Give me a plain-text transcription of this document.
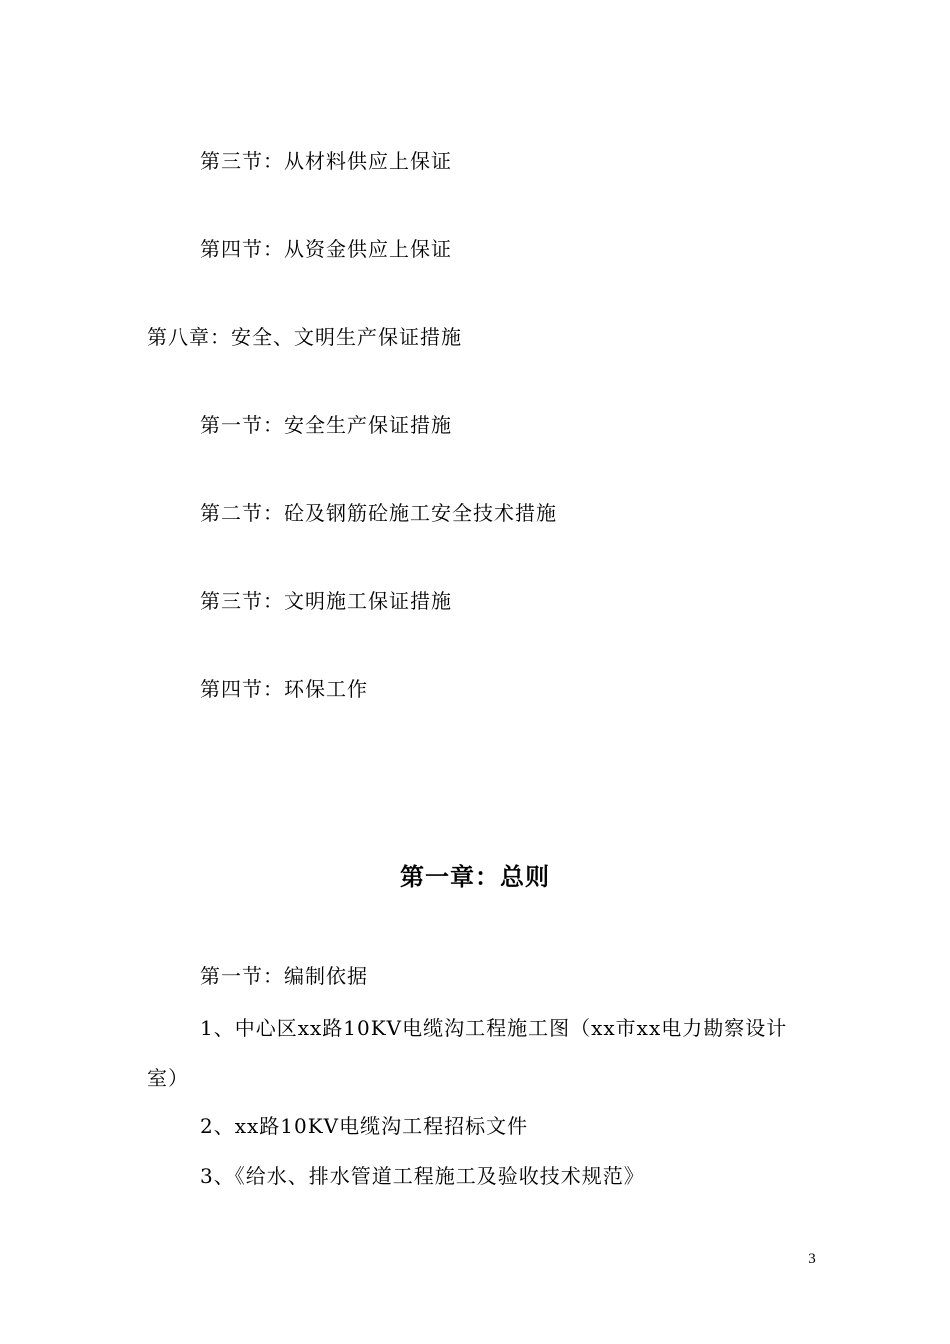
第三节：从材料供应上保证
第四节：从资金供应上保证
第八章：安全、文明生产保证措施
第一节：安全生产保证措施
第二节：砼及钢筋砼施工安全技术措施
第三节：文明施工保证措施
第四节：环保工作
第一章：总则
第一节：编制依据
1、中心区xx路10KV电缆沟工程施工图（xx市xx电力勘察设计
室）
2、xx路10KV电缆沟工程招标文件
3、《给水、排水管道工程施工及验收技术规范》
3
